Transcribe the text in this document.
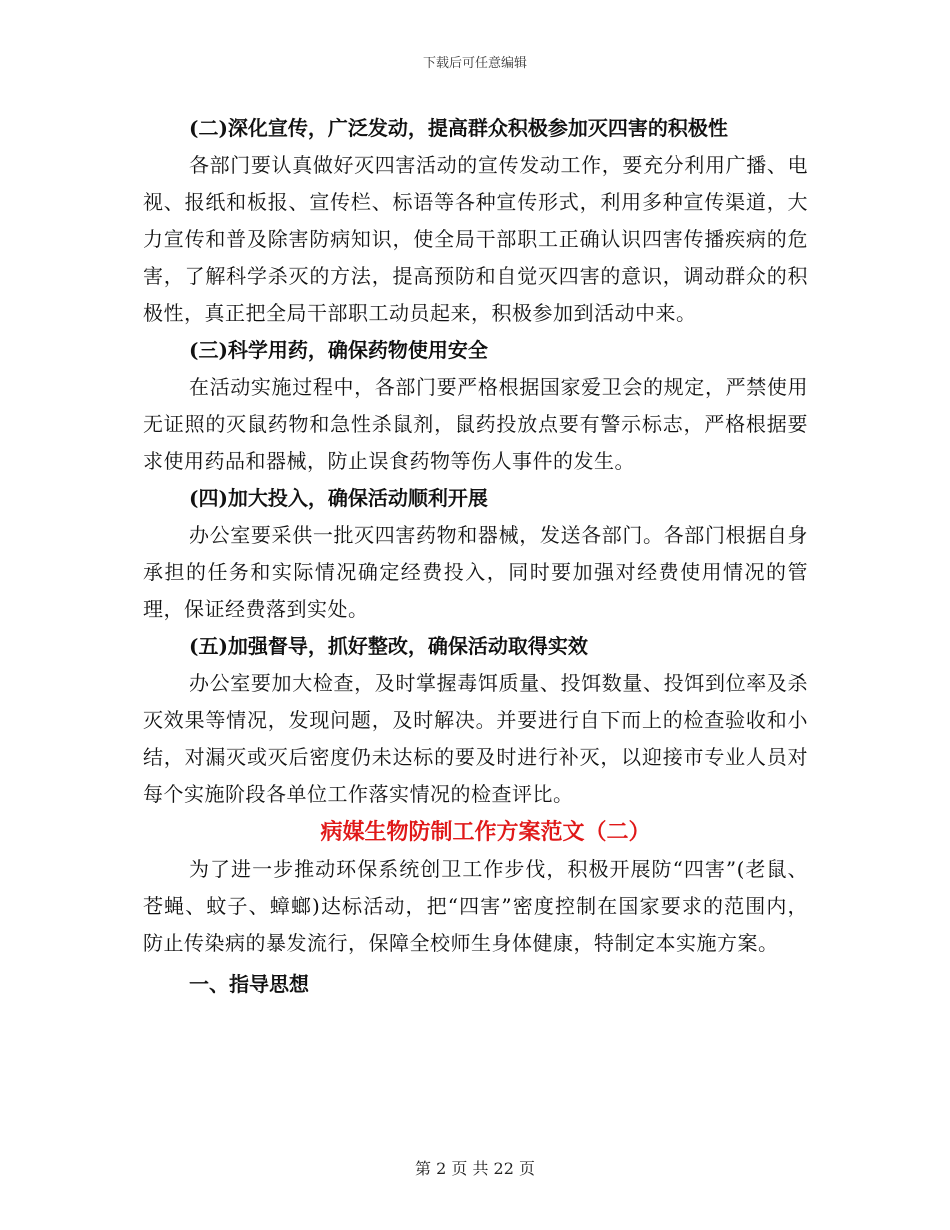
下载后可任意编辑
(二)深化宣传，广泛发动，提高群众积极参加灭四害的积极性
各部门要认真做好灭四害活动的宣传发动工作，要充分利用广播、电视、报纸和板报、宣传栏、标语等各种宣传形式，利用多种宣传渠道，大力宣传和普及除害防病知识，使全局干部职工正确认识四害传播疾病的危害，了解科学杀灭的方法，提高预防和自觉灭四害的意识，调动群众的积极性，真正把全局干部职工动员起来，积极参加到活动中来。
(三)科学用药，确保药物使用安全
在活动实施过程中，各部门要严格根据国家爱卫会的规定，严禁使用无证照的灭鼠药物和急性杀鼠剂，鼠药投放点要有警示标志，严格根据要求使用药品和器械，防止误食药物等伤人事件的发生。
(四)加大投入，确保活动顺利开展
办公室要采供一批灭四害药物和器械，发送各部门。各部门根据自身承担的任务和实际情况确定经费投入，同时要加强对经费使用情况的管理，保证经费落到实处。
(五)加强督导，抓好整改，确保活动取得实效
办公室要加大检查，及时掌握毒饵质量、投饵数量、投饵到位率及杀灭效果等情况，发现问题，及时解决。并要进行自下而上的检查验收和小结，对漏灭或灭后密度仍未达标的要及时进行补灭，以迎接市专业人员对每个实施阶段各单位工作落实情况的检查评比。
病媒生物防制工作方案范文（二）
为了进一步推动环保系统创卫工作步伐，积极开展防“四害”(老鼠、苍蝇、蚊子、蟑螂)达标活动，把“四害”密度控制在国家要求的范围内，防止传染病的暴发流行，保障全校师生身体健康，特制定本实施方案。
一、指导思想
第 2 页 共 22 页
